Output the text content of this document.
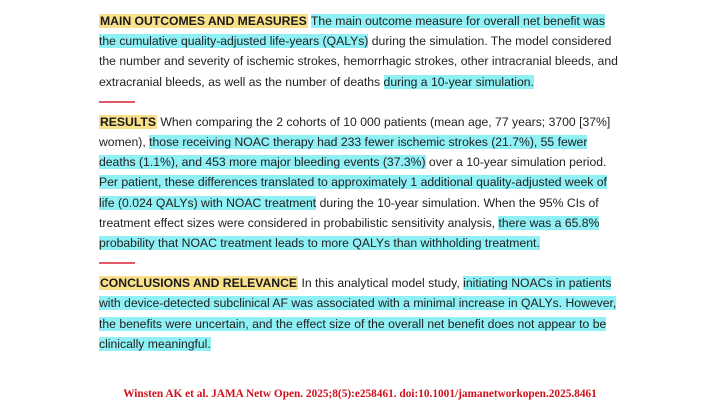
MAIN OUTCOMES AND MEASURES The main outcome measure for overall net benefit was the cumulative quality-adjusted life-years (QALYs) during the simulation. The model considered the number and severity of ischemic strokes, hemorrhagic strokes, other intracranial bleeds, and extracranial bleeds, as well as the number of deaths during a 10-year simulation.

RESULTS When comparing the 2 cohorts of 10 000 patients (mean age, 77 years; 3700 [37%] women), those receiving NOAC therapy had 233 fewer ischemic strokes (21.7%), 55 fewer deaths (1.1%), and 453 more major bleeding events (37.3%) over a 10-year simulation period. Per patient, these differences translated to approximately 1 additional quality-adjusted week of life (0.024 QALYs) with NOAC treatment during the 10-year simulation. When the 95% CIs of treatment effect sizes were considered in probabilistic sensitivity analysis, there was a 65.8% probability that NOAC treatment leads to more QALYs than withholding treatment.

CONCLUSIONS AND RELEVANCE In this analytical model study, initiating NOACs in patients with device-detected subclinical AF was associated with a minimal increase in QALYs. However, the benefits were uncertain, and the effect size of the overall net benefit does not appear to be clinically meaningful.

Winsten AK et al. JAMA Netw Open. 2025;8(5):e258461. doi:10.1001/jamanetworkopen.2025.8461
